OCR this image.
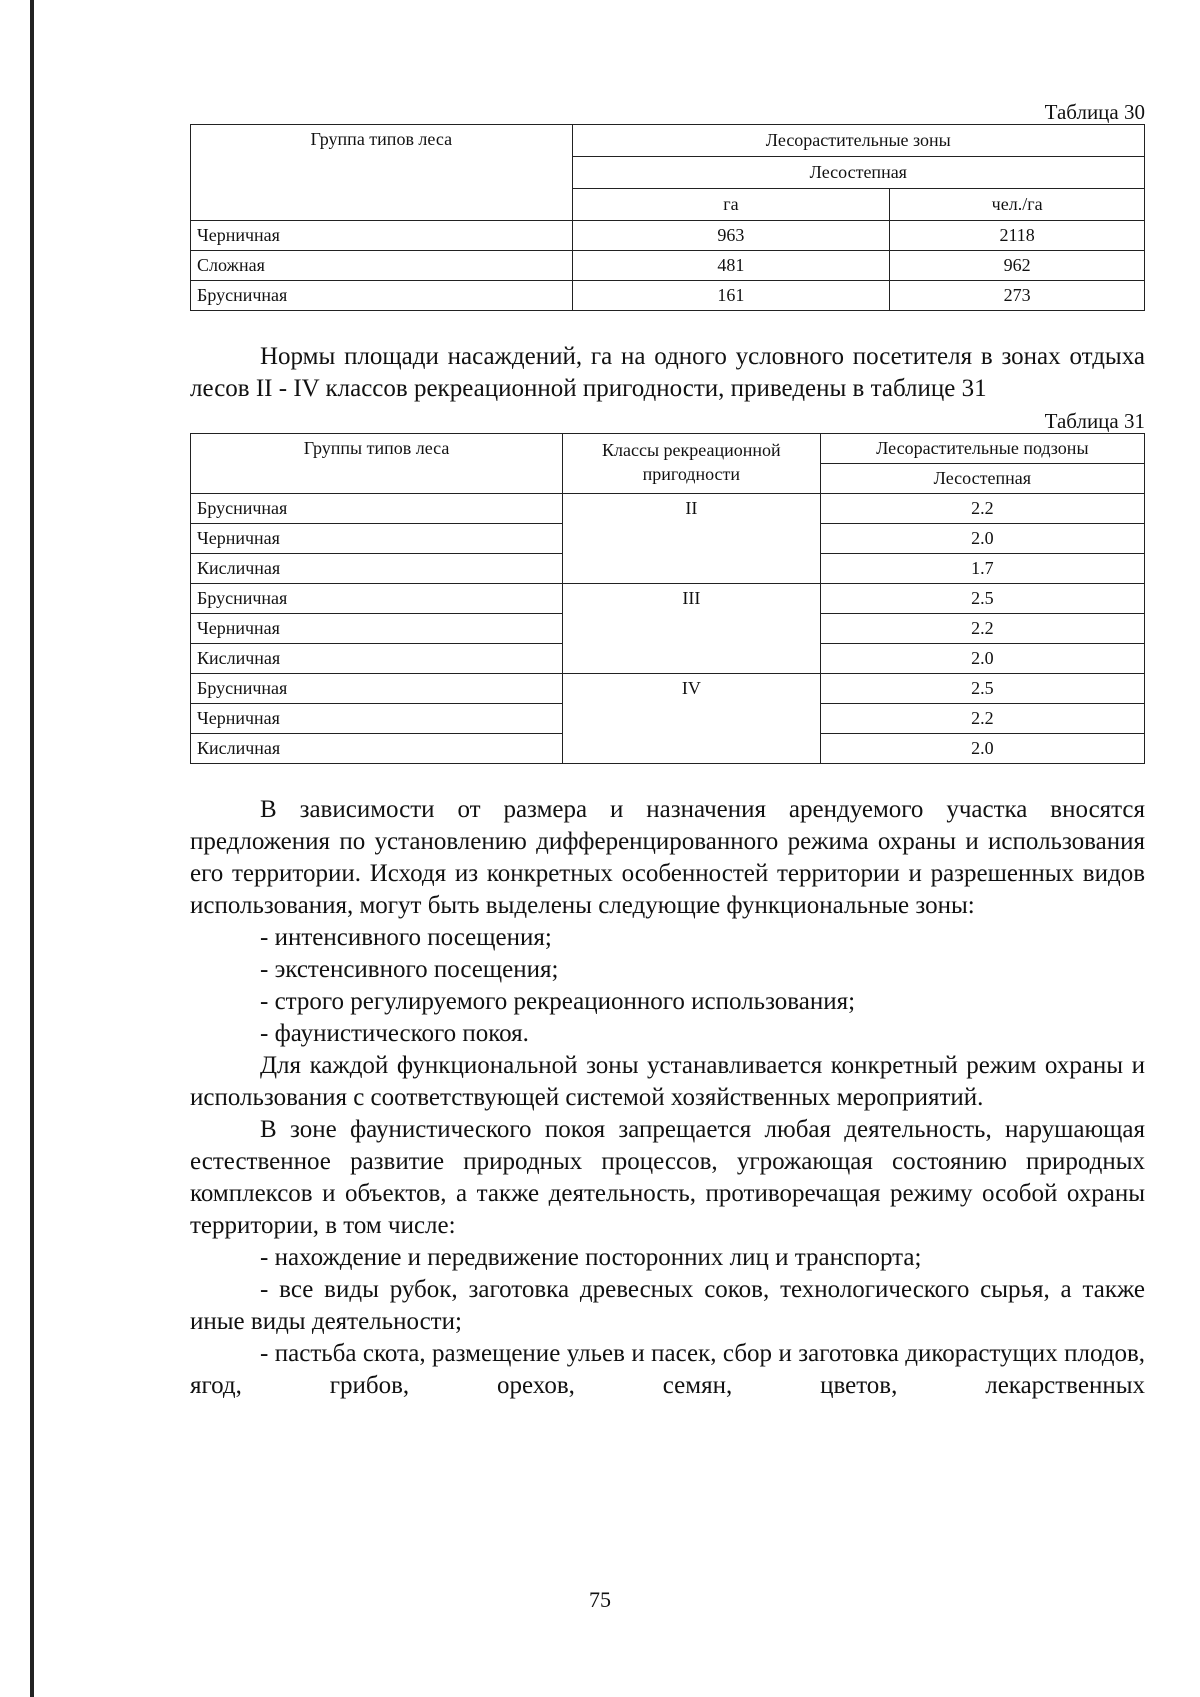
Таблица 30

Группа типов леса	Лесорастительные зоны	
	Лесостепная	
	га	чел./га
Черничная	963	2118
Сложная	481	962
Брусничная	161	273

Нормы площади насаждений, га на одного условного посетителя в зонах отдыха лесов II - IV классов рекреационной пригодности, приведены в таблице 31

Таблица 31

Группы типов леса	Классы рекреационной пригодности	Лесорастительные подзоны
		Лесостепная
Брусничная	II	2.2
Черничная		2.0
Кисличная		1.7
Брусничная	III	2.5
Черничная		2.2
Кисличная		2.0
Брусничная	IV	2.5
Черничная		2.2
Кисличная		2.0

В зависимости от размера и назначения арендуемого участка вносятся предложения по установлению дифференцированного режима охраны и использования его территории. Исходя из конкретных особенностей территории и разрешенных видов использования, могут быть выделены следующие функциональные зоны:

- интенсивного посещения;

- экстенсивного посещения;

- строго регулируемого рекреационного использования;

- фаунистического покоя.

Для каждой функциональной зоны устанавливается конкретный режим охраны и использования с соответствующей системой хозяйственных мероприятий.

В зоне фаунистического покоя запрещается любая деятельность, нарушающая естественное развитие природных процессов, угрожающая состоянию природных комплексов и объектов, а также деятельность, противоречащая режиму особой охраны территории, в том числе:

- нахождение и передвижение посторонних лиц и транспорта;

- все виды рубок, заготовка древесных соков, технологического сырья, а также иные виды деятельности;

- пастьба скота, размещение ульев и пасек, сбор и заготовка дикорастущих плодов, ягод, грибов, орехов, семян, цветов, лекарственных

75
